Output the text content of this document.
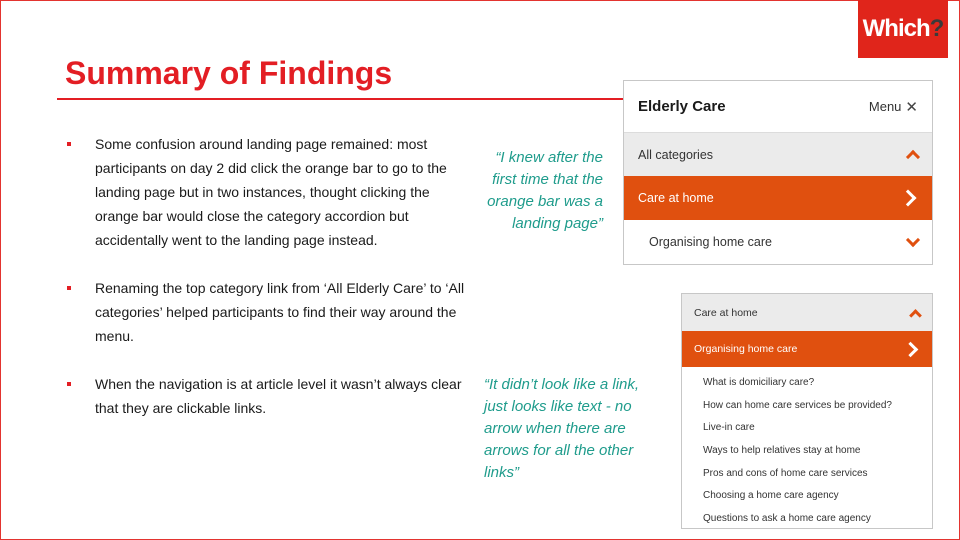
Which ?
Summary of Findings
Some confusion around landing page remained: most participants on day 2 did click the orange bar to go to the landing page but in two instances, thought clicking the orange bar would close the category accordion but accidentally went to the landing page instead.
Renaming the top category link from ‘All Elderly Care’ to ‘All categories’ helped participants to find their way around the menu.
When the navigation is at article level it wasn’t always clear that they are clickable links.

“I knew after the first time that the orange bar was a landing page”

“It didn’t look like a link, just looks like text - no arrow when there are arrows for all the other links”

Elderly Care	Menu ✕
All categories
Care at home
Organising home care
Care at home
Organising home care
What is domiciliary care?
How can home care services be provided?
Live-in care
Ways to help relatives stay at home
Pros and cons of home care services
Choosing a home care agency
Questions to ask a home care agency
